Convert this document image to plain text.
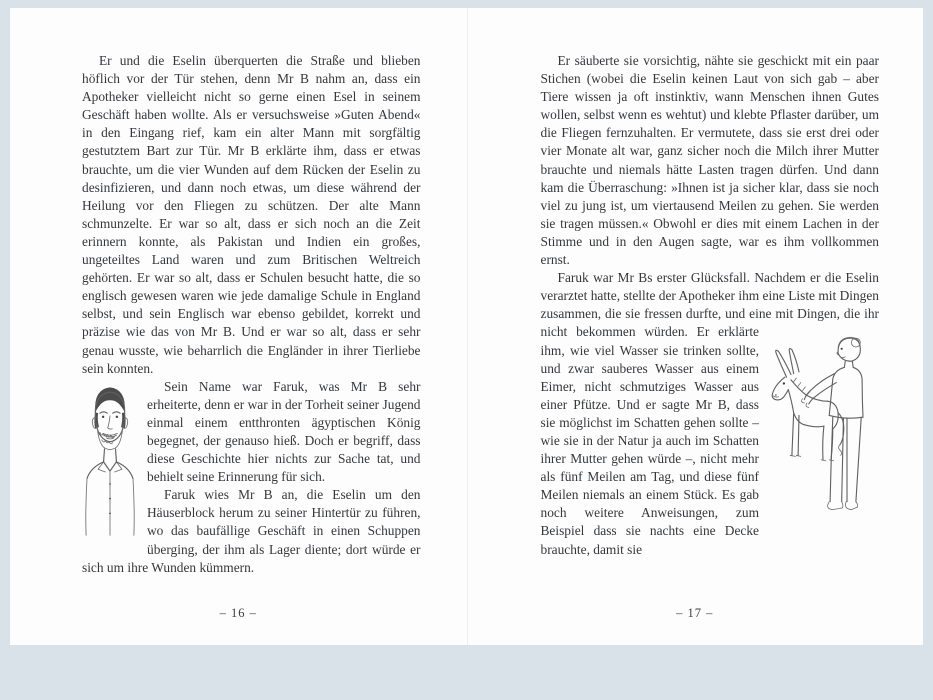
Er und die Eselin überquerten die Straße und blieben höflich vor der Tür stehen, denn Mr B nahm an, dass ein Apotheker vielleicht nicht so gerne einen Esel in seinem Geschäft haben wollte. Als er versuchsweise »Guten Abend« in den Eingang rief, kam ein alter Mann mit sorgfältig gestutztem Bart zur Tür. Mr B erklärte ihm, dass er etwas brauchte, um die vier Wunden auf dem Rücken der Eselin zu desinfizieren, und dann noch etwas, um diese während der Heilung vor den Fliegen zu schützen. Der alte Mann schmunzelte. Er war so alt, dass er sich noch an die Zeit erinnern konnte, als Pakistan und Indien ein großes, ungeteiltes Land waren und zum Britischen Weltreich gehörten. Er war so alt, dass er Schulen besucht hatte, die so englisch gewesen waren wie jede damalige Schule in England selbst, und sein Englisch war ebenso gebildet, korrekt und präzise wie das von Mr B. Und er war so alt, dass er sehr genau wusste, wie beharrlich die Engländer in ihrer Tierliebe sein konnten.

Sein Name war Faruk, was Mr B sehr erheiterte, denn er war in der Torheit seiner Jugend einmal einem entthronten ägyptischen König begegnet, der genauso hieß. Doch er begriff, dass diese Geschichte hier nichts zur Sache tat, und behielt seine Erinnerung für sich.

Faruk wies Mr B an, die Eselin um den Häuserblock herum zu seiner Hintertür zu führen, wo das baufällige Geschäft in einen Schuppen überging, der ihm als Lager diente; dort würde er sich um ihre Wunden kümmern.

– 16 –

Er säuberte sie vorsichtig, nähte sie geschickt mit ein paar Stichen (wobei die Eselin keinen Laut von sich gab – aber Tiere wissen ja oft instinktiv, wann Menschen ihnen Gutes wollen, selbst wenn es wehtut) und klebte Pflaster darüber, um die Fliegen fernzuhalten. Er vermutete, dass sie erst drei oder vier Monate alt war, ganz sicher noch die Milch ihrer Mutter brauchte und niemals hätte Lasten tragen dürfen. Und dann kam die Überraschung: »Ihnen ist ja sicher klar, dass sie noch viel zu jung ist, um viertausend Meilen zu gehen. Sie werden sie tragen müssen.« Obwohl er dies mit einem Lachen in der Stimme und in den Augen sagte, war es ihm vollkommen ernst.

Faruk war Mr Bs erster Glücksfall. Nachdem er die Eselin verarztet hatte, stellte der Apotheker ihm eine Liste mit Dingen zusammen, die sie fressen durfte, und eine mit Dingen, die ihr nicht bekommen würden. Er erklärte ihm, wie viel Wasser sie trinken sollte, und zwar sauberes Wasser aus einem Eimer, nicht schmutziges Wasser aus einer Pfütze. Und er sagte Mr B, dass sie möglichst im Schatten gehen sollte – wie sie in der Natur ja auch im Schatten ihrer Mutter gehen würde –, nicht mehr als fünf Meilen am Tag, und diese fünf Meilen niemals an einem Stück. Es gab noch weitere Anweisungen, zum Beispiel dass sie nachts eine Decke brauchte, damit sie

– 17 –
